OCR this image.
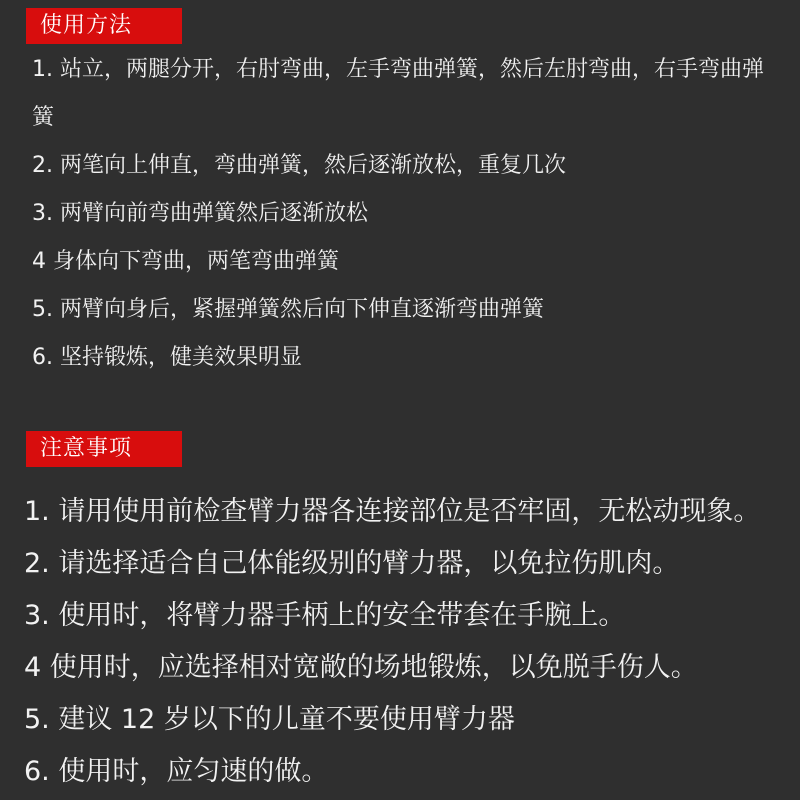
使用方法
1. 站立，两腿分开，右肘弯曲，左手弯曲弹簧，然后左肘弯曲，右手弯曲弹簧
2. 两笔向上伸直，弯曲弹簧，然后逐渐放松，重复几次
3. 两臂向前弯曲弹簧然后逐渐放松
4 身体向下弯曲，两笔弯曲弹簧
5. 两臂向身后，紧握弹簧然后向下伸直逐渐弯曲弹簧
6. 坚持锻炼，健美效果明显
注意事项
1. 请用使用前检查臂力器各连接部位是否牢固，无松动现象。
2. 请选择适合自己体能级别的臂力器，以免拉伤肌肉。
3. 使用时，将臂力器手柄上的安全带套在手腕上。
4 使用时，应选择相对宽敞的场地锻炼，以免脱手伤人。
5. 建议 12 岁以下的儿童不要使用臂力器
6. 使用时，应匀速的做。
